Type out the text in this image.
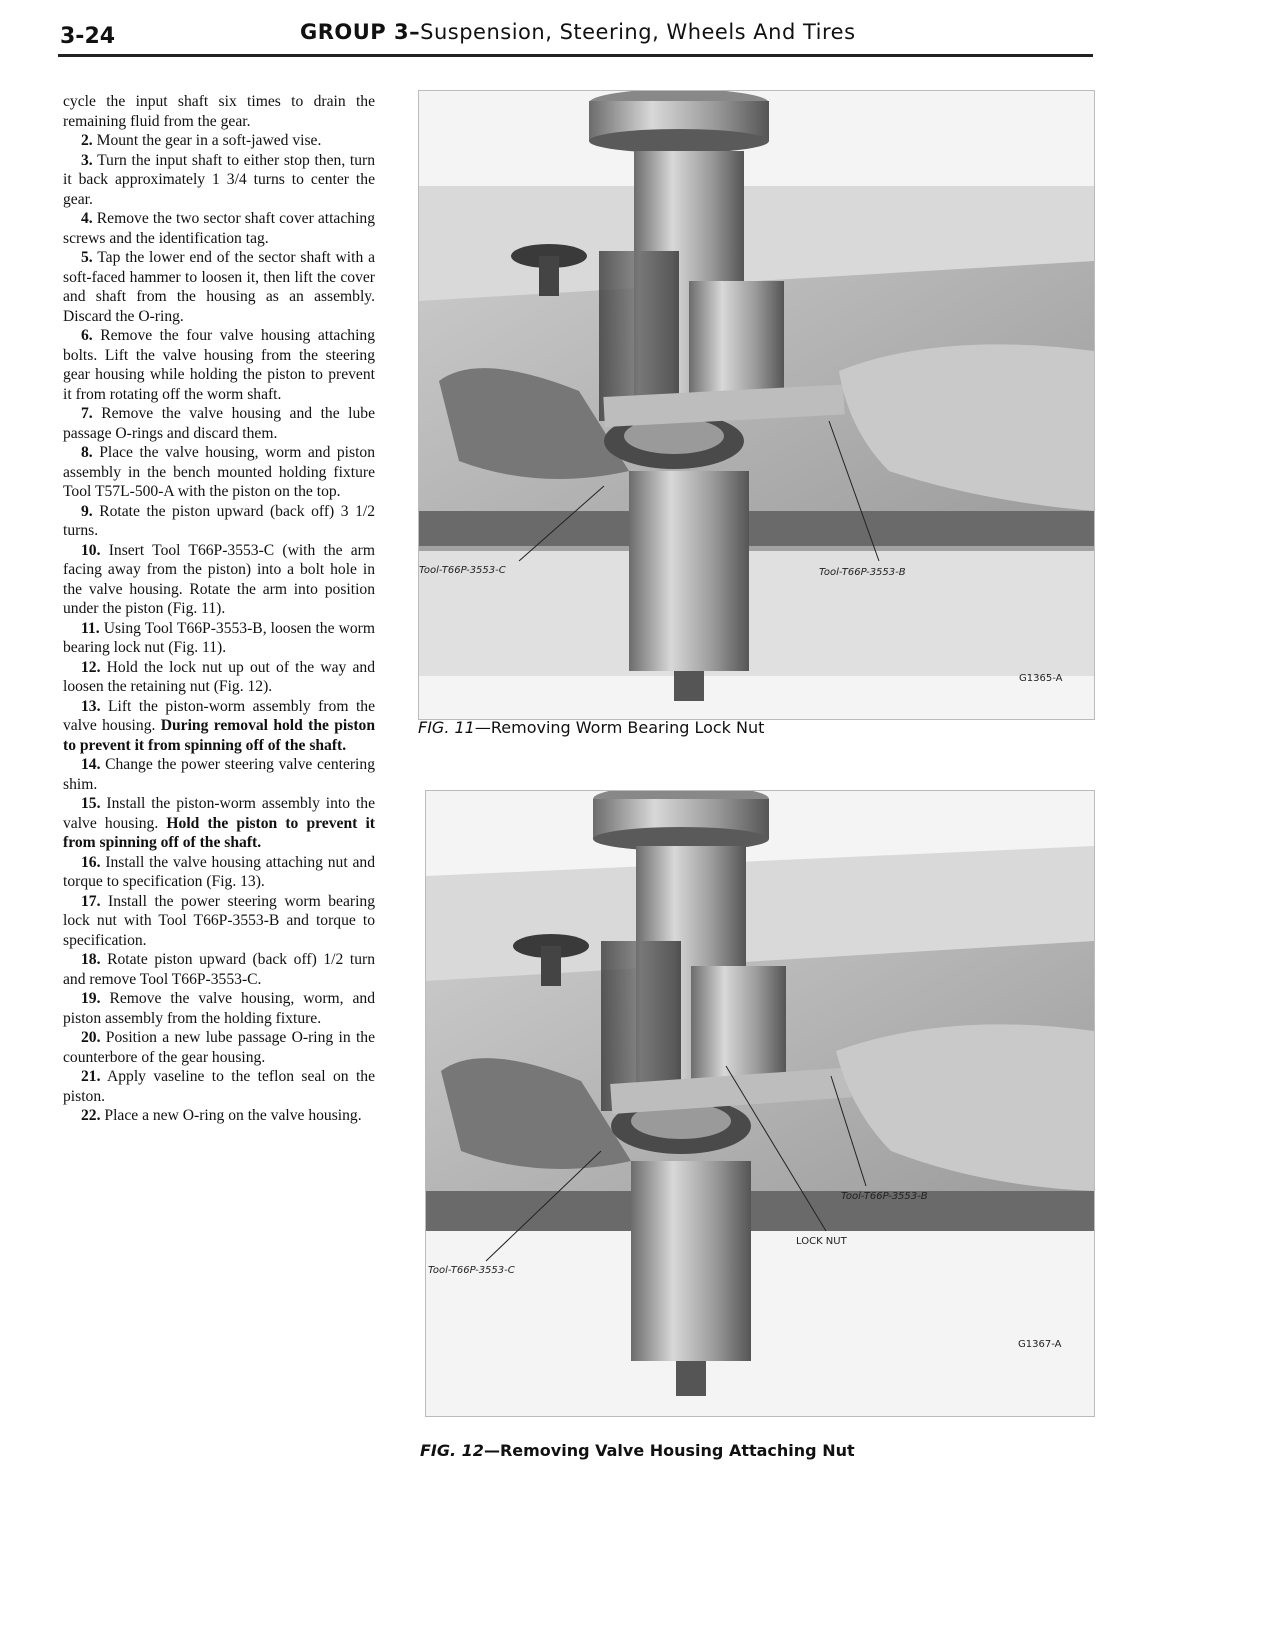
3-24	GROUP 3–Suspension, Steering, Wheels And Tires

cycle the input shaft six times to drain the remaining fluid from the gear.

2. Mount the gear in a soft-jawed vise.

3. Turn the input shaft to either stop then, turn it back approximately 1 3/4 turns to center the gear.

4. Remove the two sector shaft cover attaching screws and the identification tag.

5. Tap the lower end of the sector shaft with a soft-faced hammer to loosen it, then lift the cover and shaft from the housing as an assembly. Discard the O-ring.

6. Remove the four valve housing attaching bolts. Lift the valve housing from the steering gear housing while holding the piston to prevent it from rotating off the worm shaft.

7. Remove the valve housing and the lube passage O-rings and discard them.

8. Place the valve housing, worm and piston assembly in the bench mounted holding fixture Tool T57L-500-A with the piston on the top.

9. Rotate the piston upward (back off) 3 1/2 turns.

10. Insert Tool T66P-3553-C (with the arm facing away from the piston) into a bolt hole in the valve housing. Rotate the arm into position under the piston (Fig. 11).

11. Using Tool T66P-3553-B, loosen the worm bearing lock nut (Fig. 11).

12. Hold the lock nut up out of the way and loosen the retaining nut (Fig. 12).

13. Lift the piston-worm assembly from the valve housing. During removal hold the piston to prevent it from spinning off of the shaft.

14. Change the power steering valve centering shim.

15. Install the piston-worm assembly into the valve housing. Hold the piston to prevent it from spinning off of the shaft.

16. Install the valve housing attaching nut and torque to specification (Fig. 13).

17. Install the power steering worm bearing lock nut with Tool T66P-3553-B and torque to specification.

18. Rotate piston upward (back off) 1/2 turn and remove Tool T66P-3553-C.

19. Remove the valve housing, worm, and piston assembly from the holding fixture.

20. Position a new lube passage O-ring in the counterbore of the gear housing.

21. Apply vaseline to the teflon seal on the piston.

22. Place a new O-ring on the valve housing.

Tool-T66P-3553-C	Tool-T66P-3553-B
G1365-A
FIG. 11—Removing Worm Bearing Lock Nut
Tool-T66P-3553-B
LOCK NUT
Tool-T66P-3553-C
G1367-A
FIG. 12—Removing Valve Housing Attaching Nut
